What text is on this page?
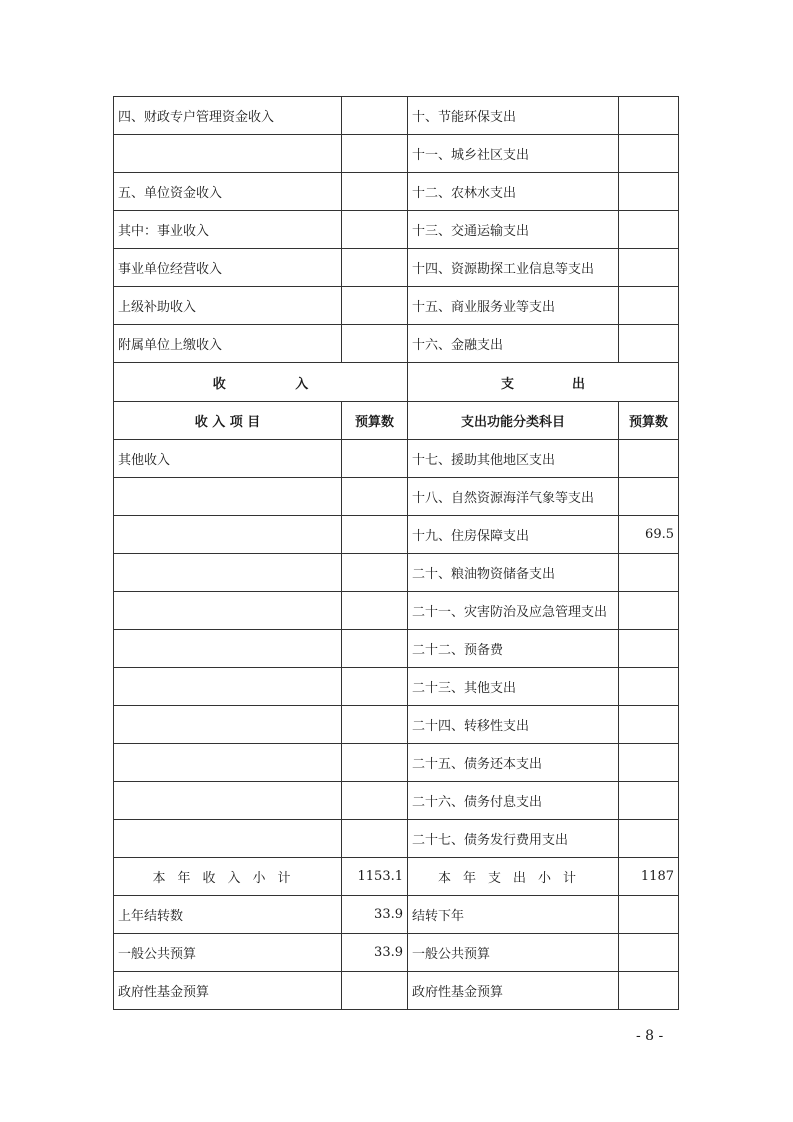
四、财政专户管理资金收入		十、节能环保支出	
		十一、城乡社区支出	
五、单位资金收入		十二、农林水支出	
其中：事业收入		十三、交通运输支出	
事业单位经营收入		十四、资源勘探工业信息等支出	
上级补助收入		十五、商业服务业等支出	
附属单位上缴收入		十六、金融支出	

收 入		支 出	

收 入 项 目	预算数	支出功能分类科目	预算数
其他收入		十七、援助其他地区支出	
		十八、自然资源海洋气象等支出	
		十九、住房保障支出	69.5
		二十、粮油物资储备支出	
		二十一、灾害防治及应急管理支出	
		二十二、预备费	
		二十三、其他支出	
		二十四、转移性支出	
		二十五、债务还本支出	
		二十六、债务付息支出	
		二十七、债务发行费用支出	
本年收入小计	1153.1	本年支出小计	1187
上年结转数	33.9	结转下年	
一般公共预算	33.9	一般公共预算	
政府性基金预算		政府性基金预算	
- 8 -
